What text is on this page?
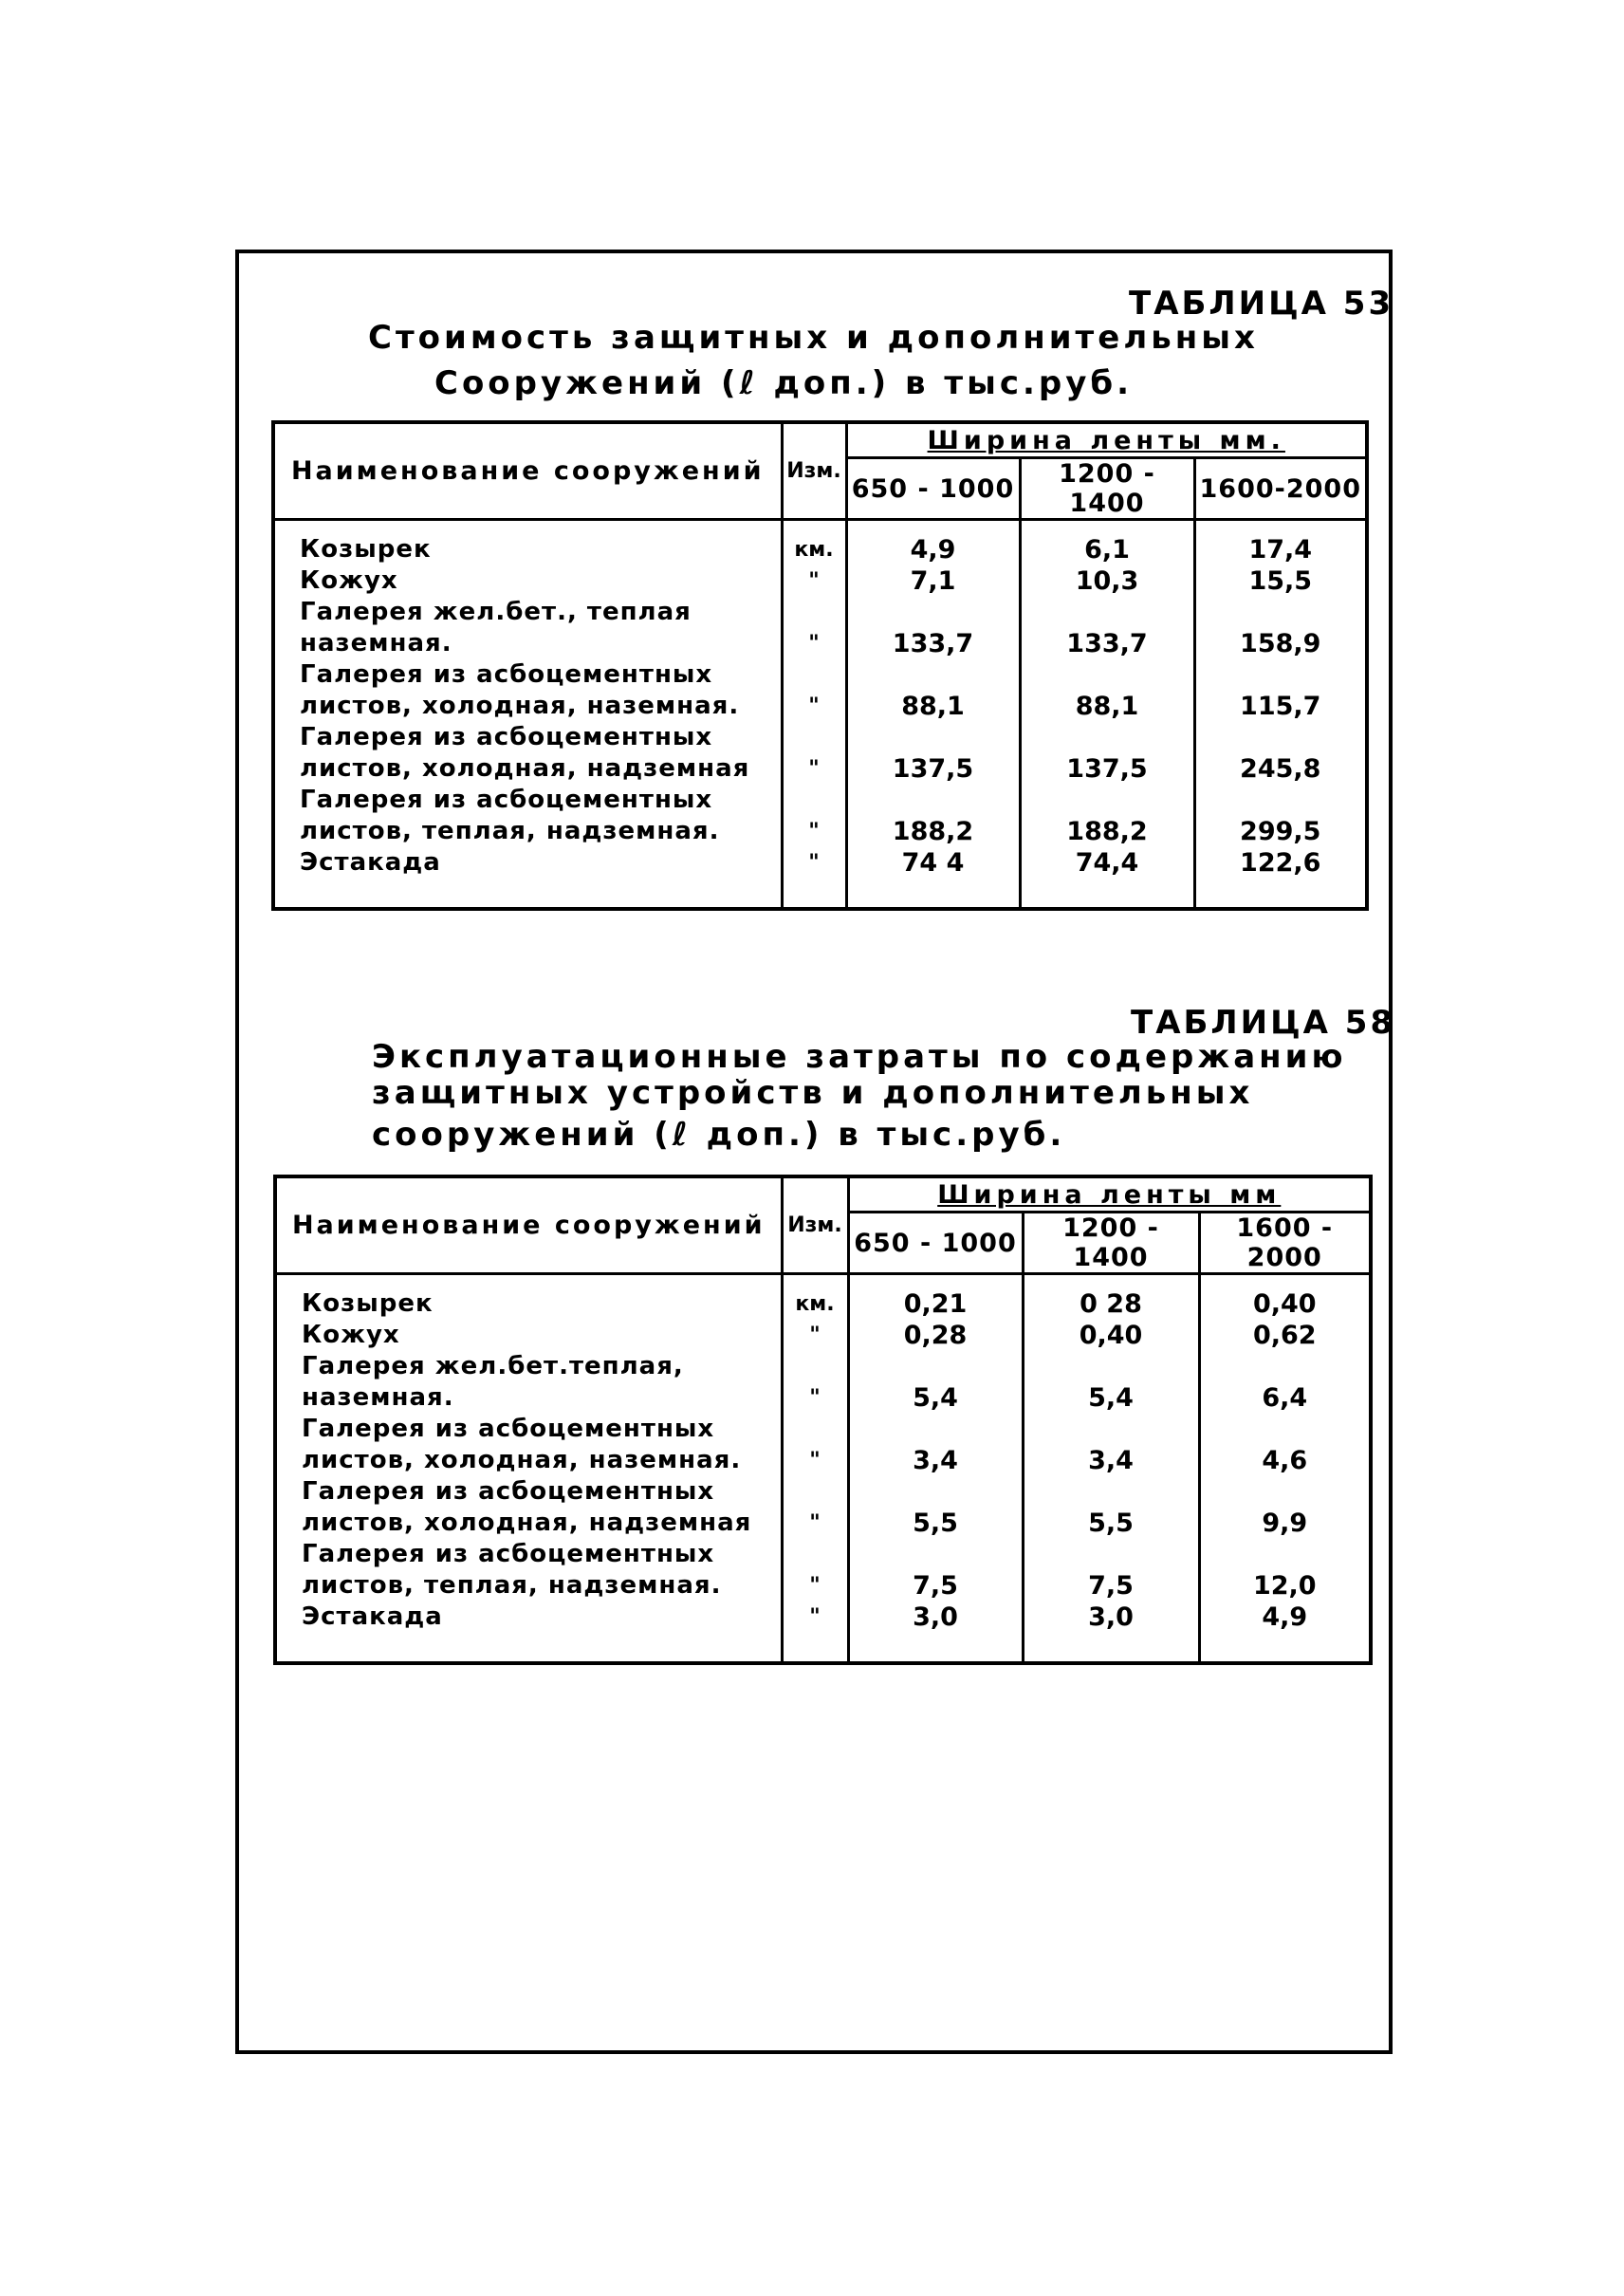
ТАБЛИЦА 53
Стоимость защитных и дополнительных
Сооружений (ℓ доп.) в тыс.руб.
Наименование сооружений	Изм.	Ширина ленты мм.		
		650 - 1000	1200 - 1400	1600-2000

Козырек	км.	4,9	6,1	17,4

Кожух	"	7,1	10,3	15,5

Галерея жел.бет., теплая
наземная.	"	133,7	133,7	158,9

Галерея из асбоцементных
листов, холодная, наземная.	"	88,1	88,1	115,7

Галерея из асбоцементных
листов, холодная, надземная	"	137,5	137,5	245,8

Галерея из асбоцементных
листов, теплая, надземная.	"	188,2	188,2	299,5

Эстакада	"	74 4	74,4	122,6

ТАБЛИЦА 58
Эксплуатационные затраты по содержанию
защитных устройств и дополнительных
сооружений (ℓ доп.) в тыс.руб.
Наименование сооружений	Изм.	Ширина ленты мм		
		650 - 1000	1200 - 1400	1600 - 2000

Козырек	км.	0,21	0 28	0,40

Кожух	"	0,28	0,40	0,62

Галерея жел.бет.теплая,
наземная.	"	5,4	5,4	6,4

Галерея из асбоцементных
листов, холодная, наземная.	"	3,4	3,4	4,6

Галерея из асбоцементных
листов, холодная, надземная	"	5,5	5,5	9,9

Галерея из асбоцементных
листов, теплая, надземная.	"	7,5	7,5	12,0

Эстакада	"	3,0	3,0	4,9
